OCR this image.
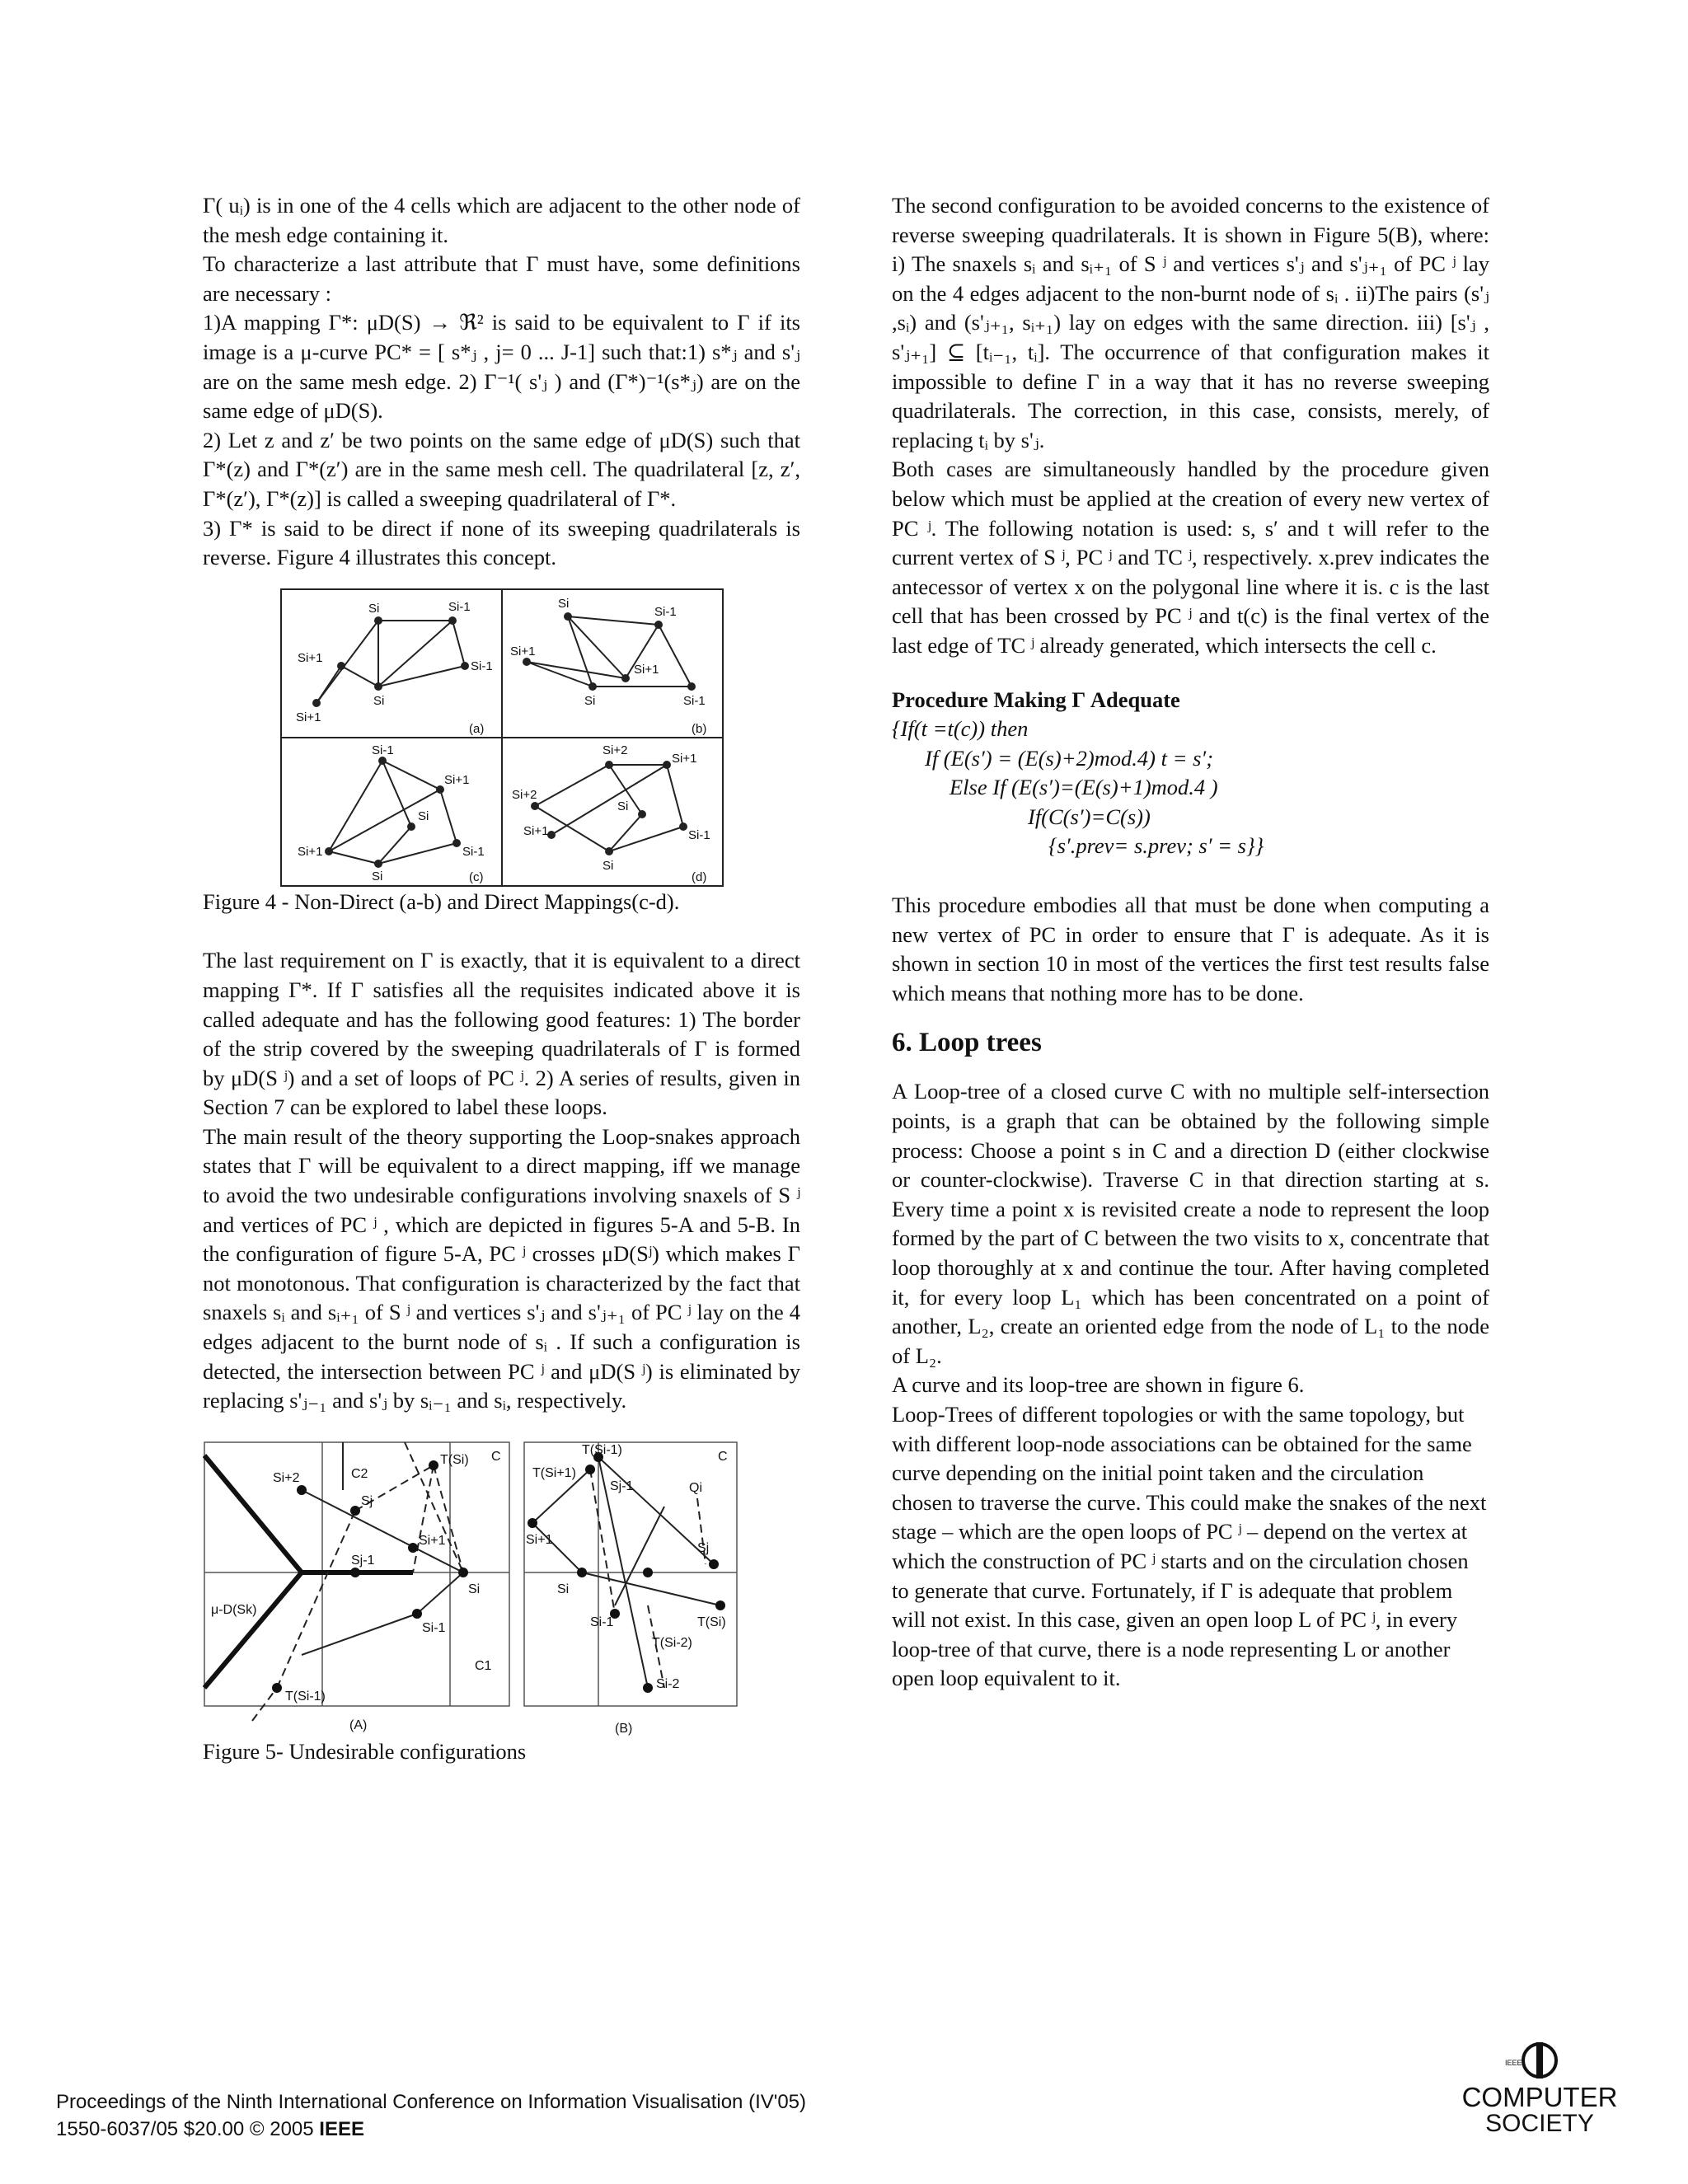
Γ( uᵢ) is in one of the 4 cells which are adjacent to the other node of the mesh edge containing it.

To characterize a last attribute that Γ must have, some definitions are necessary :

1)A mapping Γ*: μD(S) → ℜ² is said to be equivalent to Γ if its image is a μ-curve PC* = [ s*ⱼ , j= 0 ... J-1] such that:1) s*ⱼ and s'ⱼ are on the same mesh edge. 2) Γ⁻¹( s'ⱼ ) and (Γ*)⁻¹(s*ⱼ) are on the same edge of μD(S).

2) Let z and z′ be two points on the same edge of μD(S) such that Γ*(z) and Γ*(z′) are in the same mesh cell. The quadrilateral [z, z′, Γ*(z′), Γ*(z)] is called a sweeping quadrilateral of Γ*.

3) Γ* is said to be direct if none of its sweeping quadrilaterals is reverse. Figure 4 illustrates this concept.

Si	Si-1
Si+1
Si
Si-1
Si+1
(a)
Si
Si-1
Si+1
Si+1
Si	Si-1
(b)
Si-1
Si+1
Si
Si-1
Si+1
Si	(c)
Si+2
Si+1
Si+2
Si+1
Si
Si-1
Si
(d)

Figure 4 - Non-Direct (a-b) and Direct Mappings(c-d).

The last requirement on Γ is exactly, that it is equivalent to a direct mapping Γ*. If Γ satisfies all the requisites indicated above it is called adequate and has the following good features: 1) The border of the strip covered by the sweeping quadrilaterals of Γ is formed by μD(S ʲ) and a set of loops of PC ʲ. 2) A series of results, given in Section 7 can be explored to label these loops.

The main result of the theory supporting the Loop-snakes approach states that Γ will be equivalent to a direct mapping, iff we manage to avoid the two undesirable configurations involving snaxels of S ʲ and vertices of PC ʲ , which are depicted in figures 5-A and 5-B. In the configuration of figure 5-A, PC ʲ crosses μD(Sʲ) which makes Γ not monotonous. That configuration is characterized by the fact that snaxels sᵢ and sᵢ₊₁ of S ʲ and vertices s'ⱼ and s'ⱼ₊₁ of PC ʲ lay on the 4 edges adjacent to the burnt node of sᵢ . If such a configuration is detected, the intersection between PC ʲ and μD(S ʲ) is eliminated by replacing s'ⱼ₋₁ and s'ⱼ by sᵢ₋₁ and sᵢ, respectively.

Si+2	C2
Sj
T(Si) C
Si+1
Sj-1
Si
μ-D(Sk)
Si-1
C1
T(Si-1)
(A)
T(Si-1)
T(Si+1)
Sj-1	Qi
C
Si+1
Sj
Si
T(Si)
Si-1
T(Si-2)
Si-2
(B)

Figure 5- Undesirable configurations

The second configuration to be avoided concerns to the existence of reverse sweeping quadrilaterals. It is shown in Figure 5(B), where: i) The snaxels sᵢ and sᵢ₊₁ of S ʲ and vertices s'ⱼ and s'ⱼ₊₁ of PC ʲ lay on the 4 edges adjacent to the non-burnt node of sᵢ . ii)The pairs (s'ⱼ ,sᵢ) and (s'ⱼ₊₁, sᵢ₊₁) lay on edges with the same direction. iii) [s'ⱼ , s'ⱼ₊₁] ⊆ [tᵢ₋₁, tᵢ]. The occurrence of that configuration makes it impossible to define Γ in a way that it has no reverse sweeping quadrilaterals. The correction, in this case, consists, merely, of replacing tᵢ by s'ⱼ.

Both cases are simultaneously handled by the procedure given below which must be applied at the creation of every new vertex of PC ʲ. The following notation is used: s, s′ and t will refer to the current vertex of S ʲ, PC ʲ and TC ʲ, respectively. x.prev indicates the antecessor of vertex x on the polygonal line where it is. c is the last cell that has been crossed by PC ʲ and t(c) is the final vertex of the last edge of TC ʲ already generated, which intersects the cell c.

Procedure Making Γ Adequate
{If(t =t(c)) then
If (E(s′) = (E(s)+2)mod.4) t = s′;
Else If (E(s′)=(E(s)+1)mod.4 )
If(C(s′)=C(s))
{s′.prev= s.prev; s′ = s}}

This procedure embodies all that must be done when computing a new vertex of PC in order to ensure that Γ is adequate. As it is shown in section 10 in most of the vertices the first test results false which means that nothing more has to be done.

6. Loop trees

A Loop-tree of a closed curve C with no multiple self-intersection points, is a graph that can be obtained by the following simple process: Choose a point s in C and a direction D (either clockwise or counter-clockwise). Traverse C in that direction starting at s. Every time a point x is revisited create a node to represent the loop formed by the part of C between the two visits to x, concentrate that loop thoroughly at x and continue the tour. After having completed it, for every loop L₁ which has been concentrated on a point of another, L₂, create an oriented edge from the node of L₁ to the node of L₂.

A curve and its loop-tree are shown in figure 6.

Loop-Trees of different topologies or with the same topology, but with different loop-node associations can be obtained for the same curve depending on the initial point taken and the circulation chosen to traverse the curve. This could make the snakes of the next stage – which are the open loops of PC ʲ – depend on the vertex at which the construction of PC ʲ starts and on the circulation chosen to generate that curve. Fortunately, if Γ is adequate that problem will not exist. In this case, given an open loop L of PC ʲ, in every loop-tree of that curve, there is a node representing L or another open loop equivalent to it.

Proceedings of the Ninth International Conference on Information Visualisation (IV'05)
1550-6037/05 $20.00 © 2005 IEEE
IEEE
COMPUTER
SOCIETY
